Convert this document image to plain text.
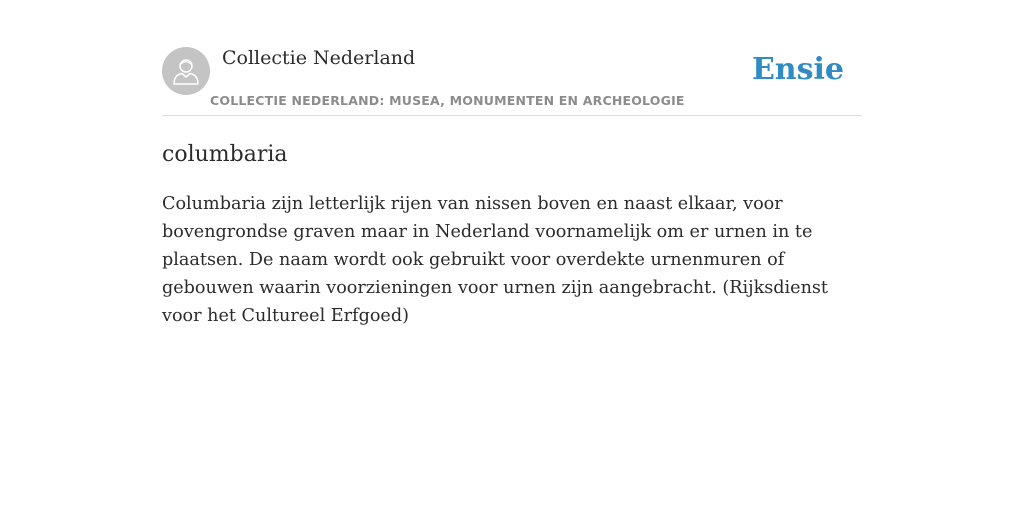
Collectie Nederland
COLLECTIE NEDERLAND: MUSEA, MONUMENTEN EN ARCHEOLOGIE
Ensie
columbaria

Columbaria zijn letterlijk rijen van nissen boven en naast elkaar, voor bovengrondse graven maar in Nederland voornamelijk om er urnen in te plaatsen. De naam wordt ook gebruikt voor overdekte urnenmuren of gebouwen waarin voorzieningen voor urnen zijn aangebracht. (Rijksdienst voor het Cultureel Erfgoed)
